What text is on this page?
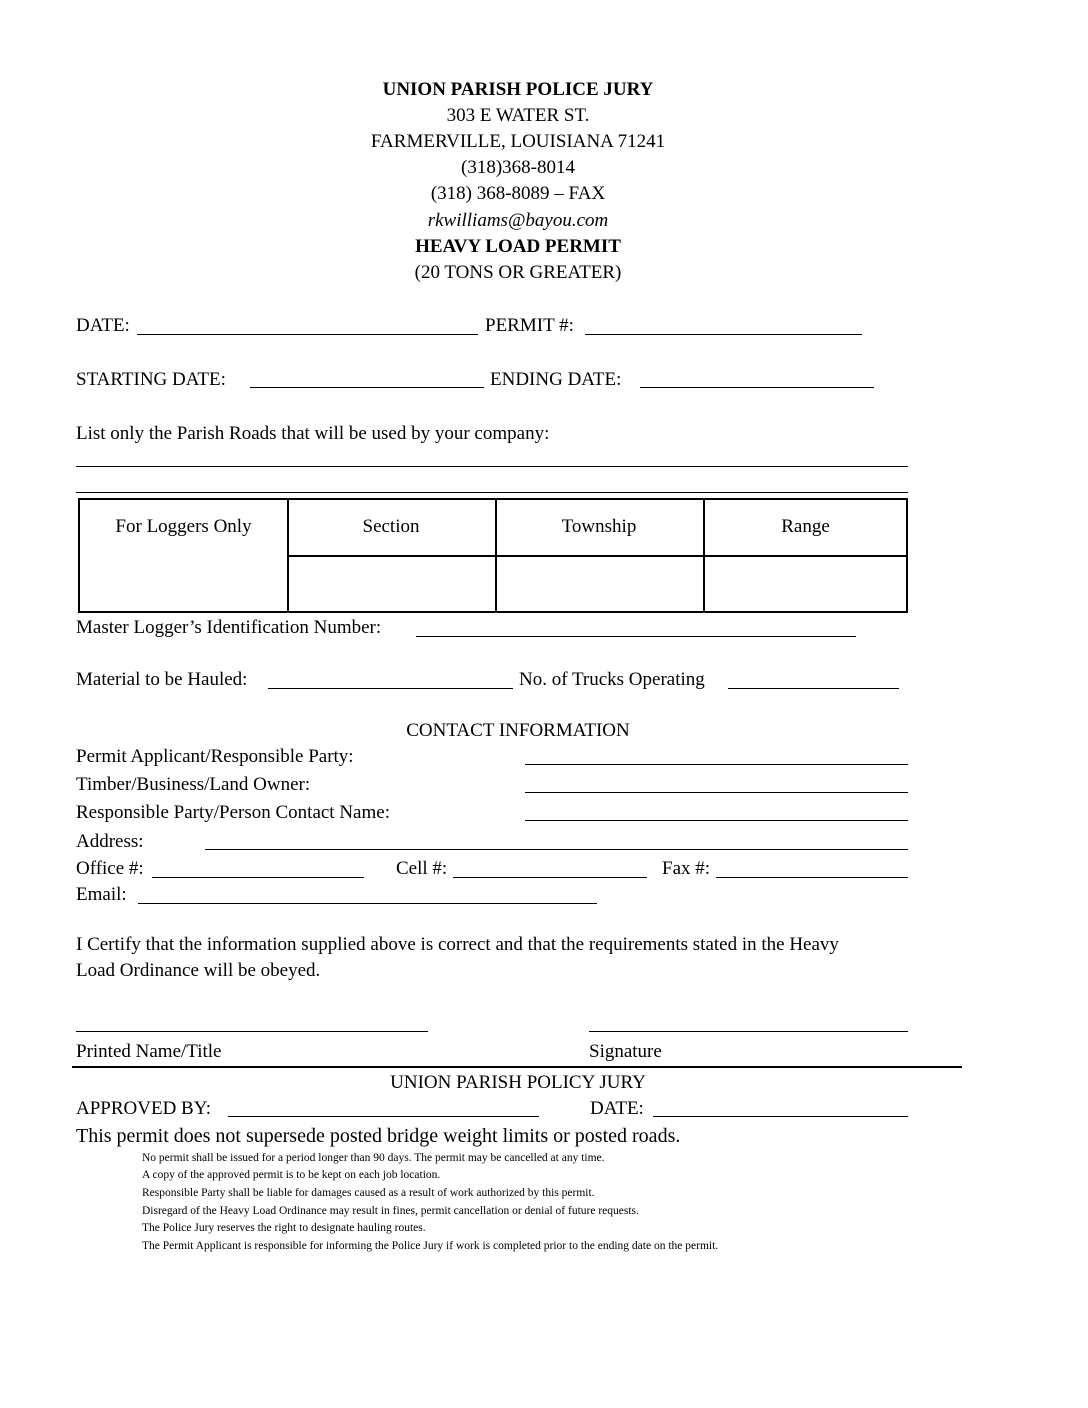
UNION PARISH POLICE JURY
303 E WATER ST.
FARMERVILLE, LOUISIANA 71241
(318)368-8014
(318) 368-8089 – FAX
rkwilliams@bayou.com
HEAVY LOAD PERMIT
(20 TONS OR GREATER)
DATE:	PERMIT #:
STARTING DATE:	ENDING DATE:
List only the Parish Roads that will be used by your company:
For Loggers Only	Section	Township	Range
Master Logger’s Identification Number:
Material to be Hauled:	No. of Trucks Operating
CONTACT INFORMATION
Permit Applicant/Responsible Party:
Timber/Business/Land Owner:
Responsible Party/Person Contact Name:
Address:
Office #:	Cell #:	Fax #:
Email:
I Certify that the information supplied above is correct and that the requirements stated in the Heavy
Load Ordinance will be obeyed.
Printed Name/Title	Signature
UNION PARISH POLICY JURY
APPROVED BY:	DATE:
This permit does not supersede posted bridge weight limits or posted roads.
No permit shall be issued for a period longer than 90 days. The permit may be cancelled at any time.
A copy of the approved permit is to be kept on each job location.
Responsible Party shall be liable for damages caused as a result of work authorized by this permit.
Disregard of the Heavy Load Ordinance may result in fines, permit cancellation or denial of future requests.
The Police Jury reserves the right to designate hauling routes.
The Permit Applicant is responsible for informing the Police Jury if work is completed prior to the ending date on the permit.
